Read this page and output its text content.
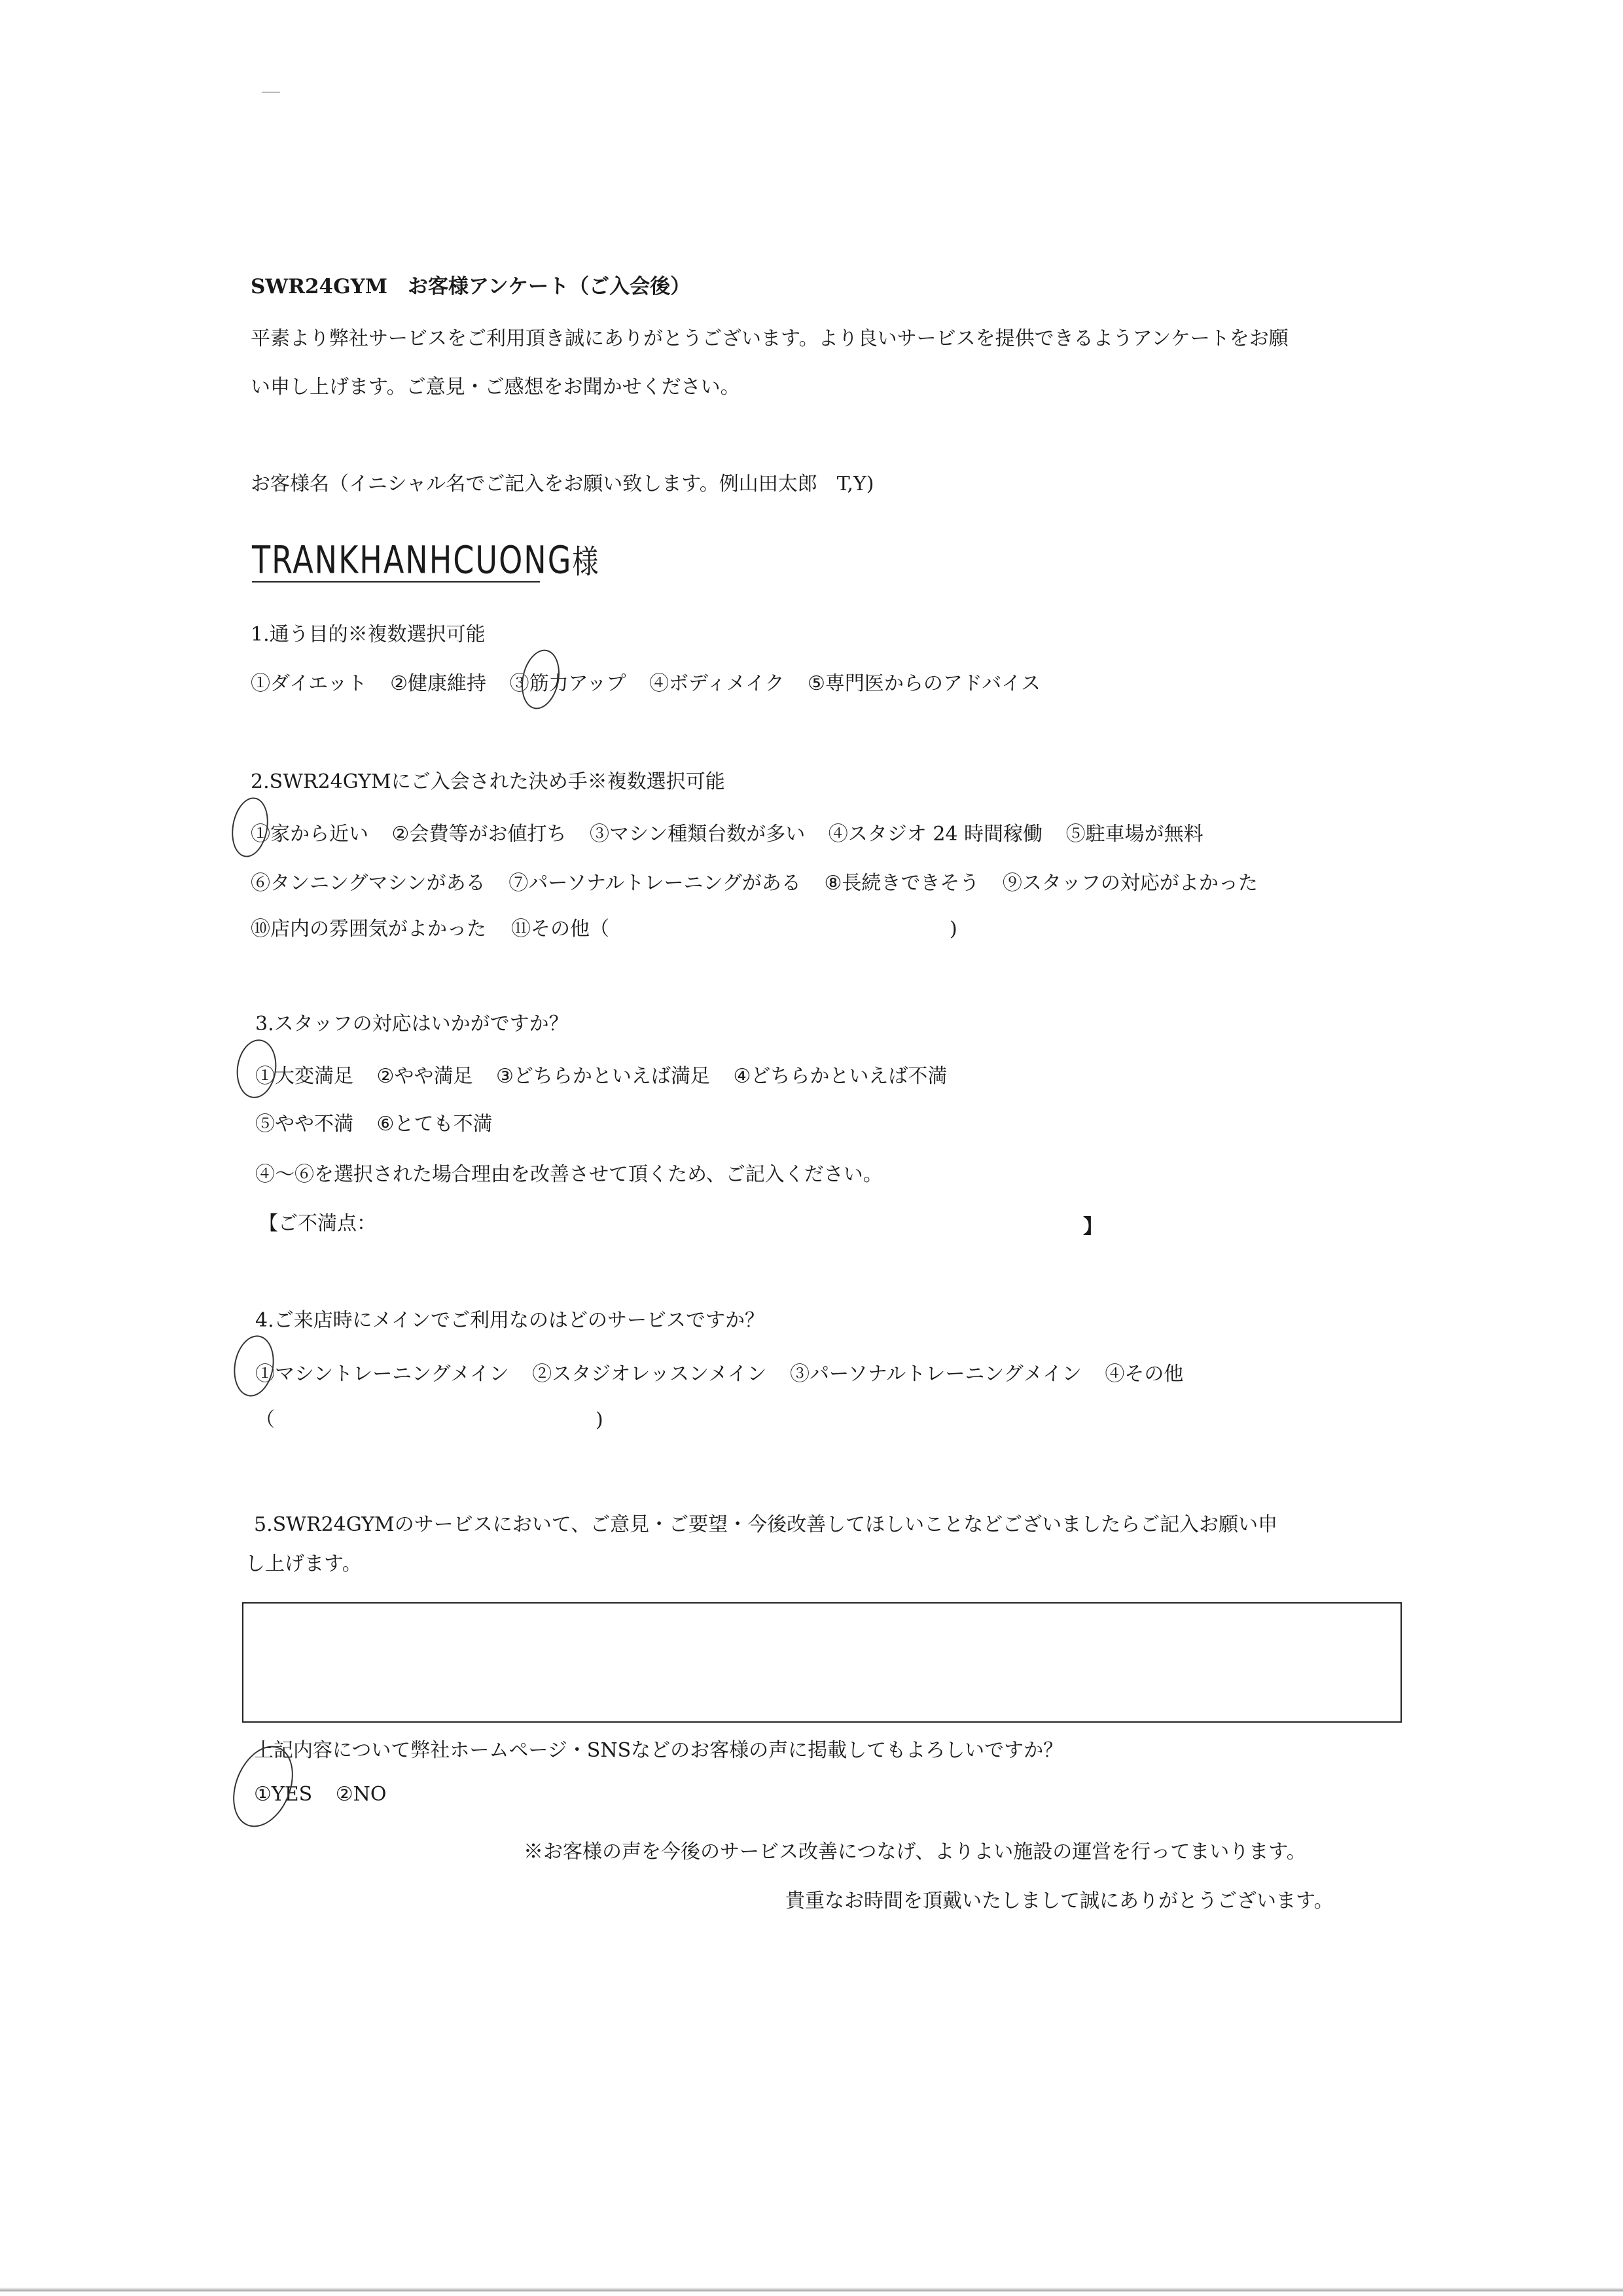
SWR24GYM　お客様アンケート（ご入会後）
平素より弊社サービスをご利用頂き誠にありがとうございます。より良いサービスを提供できるようアンケートをお願
い申し上げます。ご意見・ご感想をお聞かせください。
お客様名（イニシャル名でご記入をお願い致します。例山田太郎　T,Y)
TRANKHANHCUONG様
1.通う目的※複数選択可能
①ダイエット ②健康維持 ③筋力アップ ④ボディメイク ⑤専門医からのアドバイス
2.SWR24GYMにご入会された決め手※複数選択可能
①家から近い ②会費等がお値打ち ③マシン種類台数が多い ④スタジオ 24 時間稼働 ⑤駐車場が無料
⑥タンニングマシンがある ⑦パーソナルトレーニングがある ⑧長続きできそう ⑨スタッフの対応がよかった
⑩店内の雰囲気がよかった ⑪その他（	)
3.スタッフの対応はいかがですか？
①大変満足 ②やや満足 ③どちらかといえば満足 ④どちらかといえば不満
⑤やや不満 ⑥とても不満
④～⑥を選択された場合理由を改善させて頂くため、ご記入ください。
【ご不満点：	】
4.ご来店時にメインでご利用なのはどのサービスですか？
①マシントレーニングメイン ②スタジオレッスンメイン ③パーソナルトレーニングメイン ④その他
（	)
5.SWR24GYMのサービスにおいて、ご意見・ご要望・今後改善してほしいことなどございましたらご記入お願い申
し上げます。
上記内容について弊社ホームページ・SNSなどのお客様の声に掲載してもよろしいですか？
①YES ②NO
※お客様の声を今後のサービス改善につなげ、よりよい施設の運営を行ってまいります。
貴重なお時間を頂戴いたしまして誠にありがとうございます。
